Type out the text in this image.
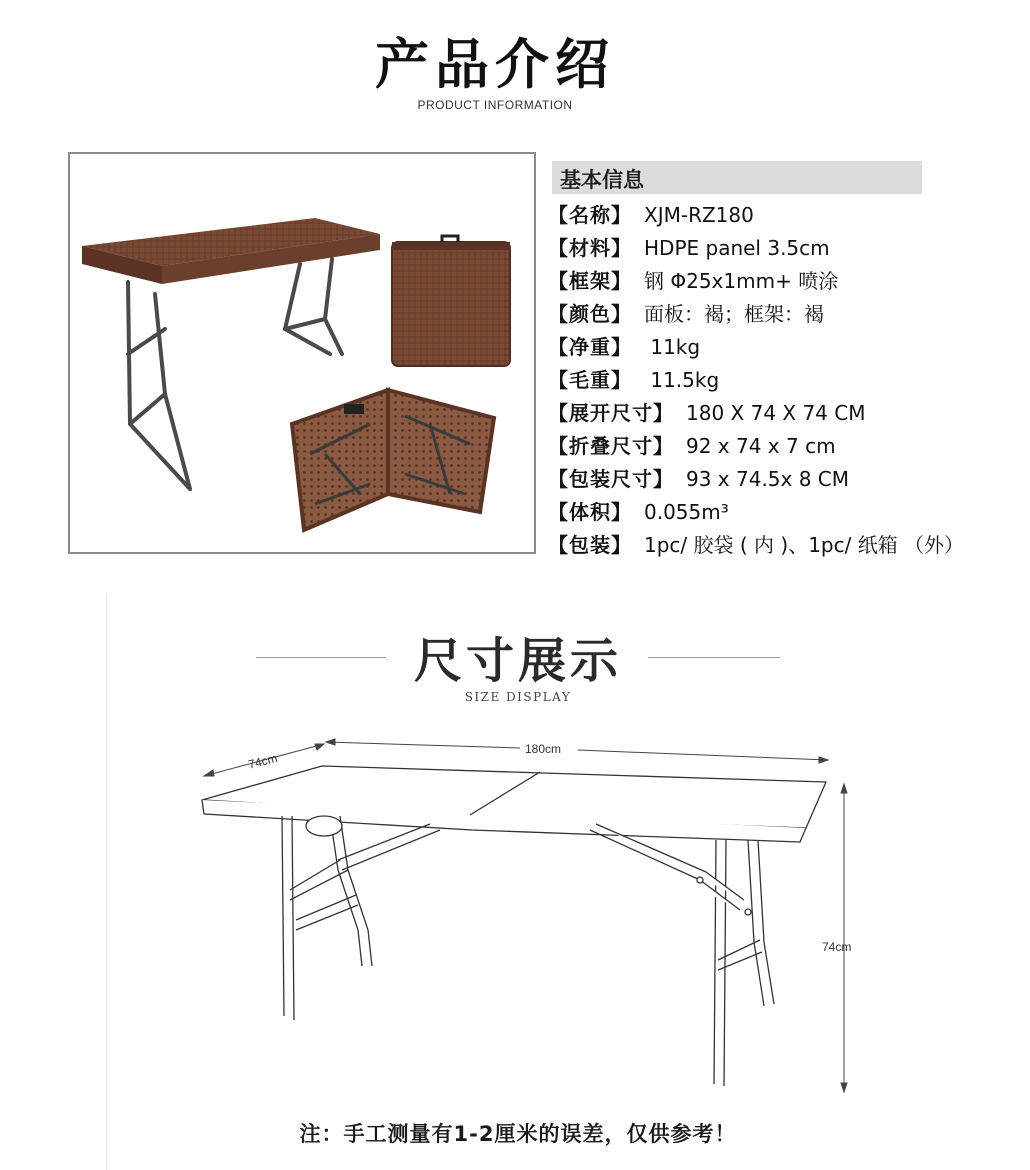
产品介绍
PRODUCT INFORMATION
基本信息
【名称】 XJM-RZ180
【材料】 HDPE panel 3.5cm
【框架】 钢 Φ25x1mm+ 喷涂
【颜色】 面板：褐；框架：褐
【净重】 11kg
【毛重】 11.5kg
【展开尺寸】 180 X 74 X 74 CM
【折叠尺寸】 92 x 74 x 7 cm
【包装尺寸】 93 x 74.5x 8 CM
【体积】 0.055m³
【包装】 1pc/ 胶袋 ( 内 )、1pc/ 纸箱 （外）
尺寸展示
SIZE DISPLAY
74cm
180cm
74cm
注：手工测量有1-2厘米的误差，仅供参考！
